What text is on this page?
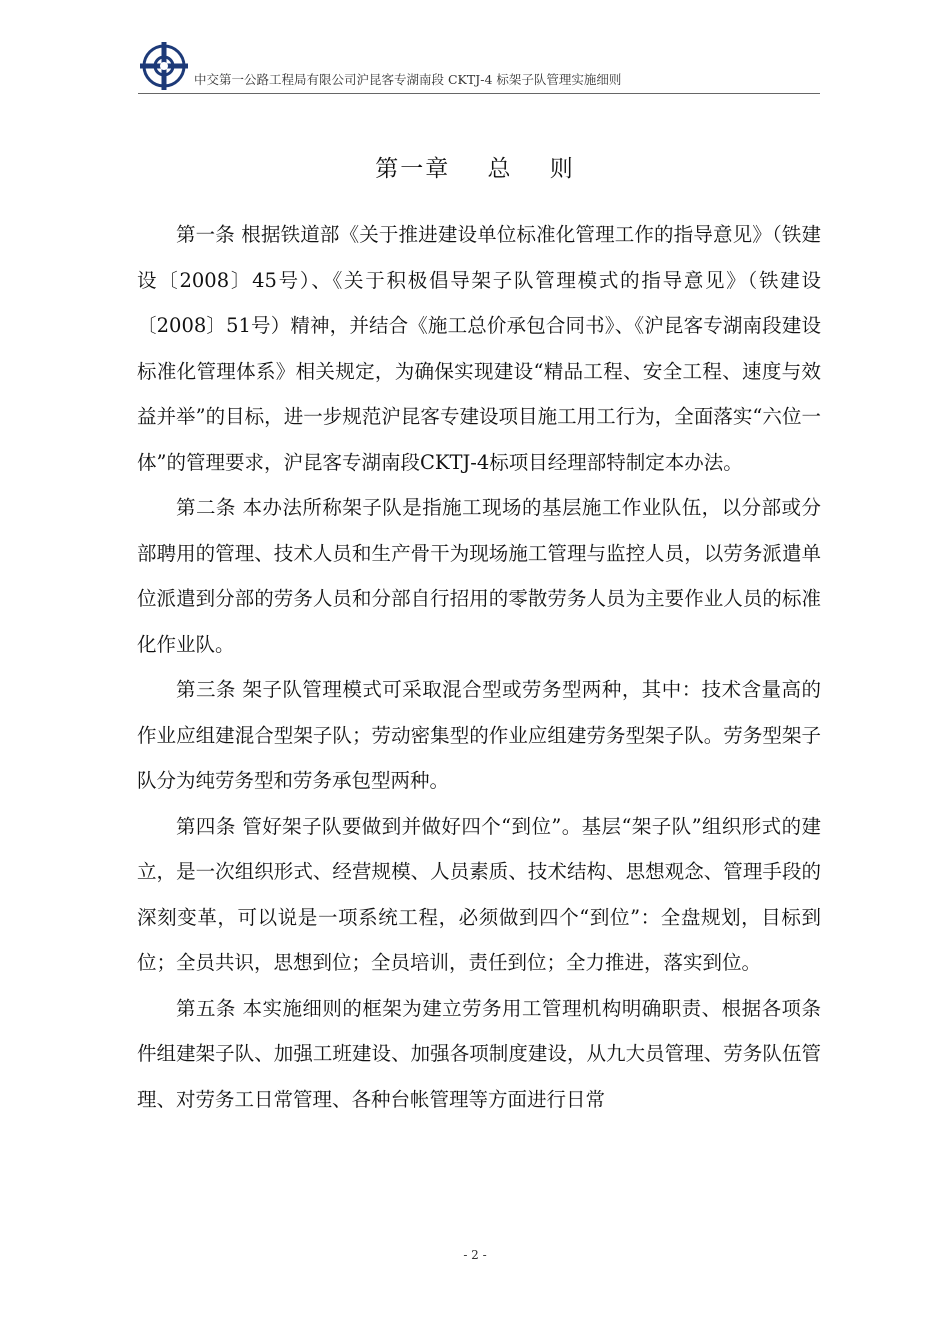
中交第一公路工程局有限公司沪昆客专湖南段 CKTJ-4 标架子队管理实施细则
第一章    总    则

第一条 根据铁道部《关于推进建设单位标准化管理工作的指导意见》（铁建设〔2008〕45号）、《关于积极倡导架子队管理模式的指导意见》（铁建设〔2008〕51号）精神，并结合《施工总价承包合同书》、《沪昆客专湖南段建设标准化管理体系》相关规定，为确保实现建设“精品工程、安全工程、速度与效益并举”的目标，进一步规范沪昆客专建设项目施工用工行为，全面落实“六位一体”的管理要求，沪昆客专湖南段CKTJ-4标项目经理部特制定本办法。

第二条 本办法所称架子队是指施工现场的基层施工作业队伍，以分部或分部聘用的管理、技术人员和生产骨干为现场施工管理与监控人员，以劳务派遣单位派遣到分部的劳务人员和分部自行招用的零散劳务人员为主要作业人员的标准化作业队。

第三条 架子队管理模式可采取混合型或劳务型两种，其中：技术含量高的作业应组建混合型架子队；劳动密集型的作业应组建劳务型架子队。劳务型架子队分为纯劳务型和劳务承包型两种。

第四条 管好架子队要做到并做好四个“到位”。基层“架子队”组织形式的建立，是一次组织形式、经营规模、人员素质、技术结构、思想观念、管理手段的深刻变革，可以说是一项系统工程，必须做到四个“到位”：全盘规划，目标到位；全员共识，思想到位；全员培训，责任到位；全力推进，落实到位。

第五条 本实施细则的框架为建立劳务用工管理机构明确职责、根据各项条件组建架子队、加强工班建设、加强各项制度建设，从九大员管理、劳务队伍管理、对劳务工日常管理、各种台帐管理等方面进行日常

- 2 -
